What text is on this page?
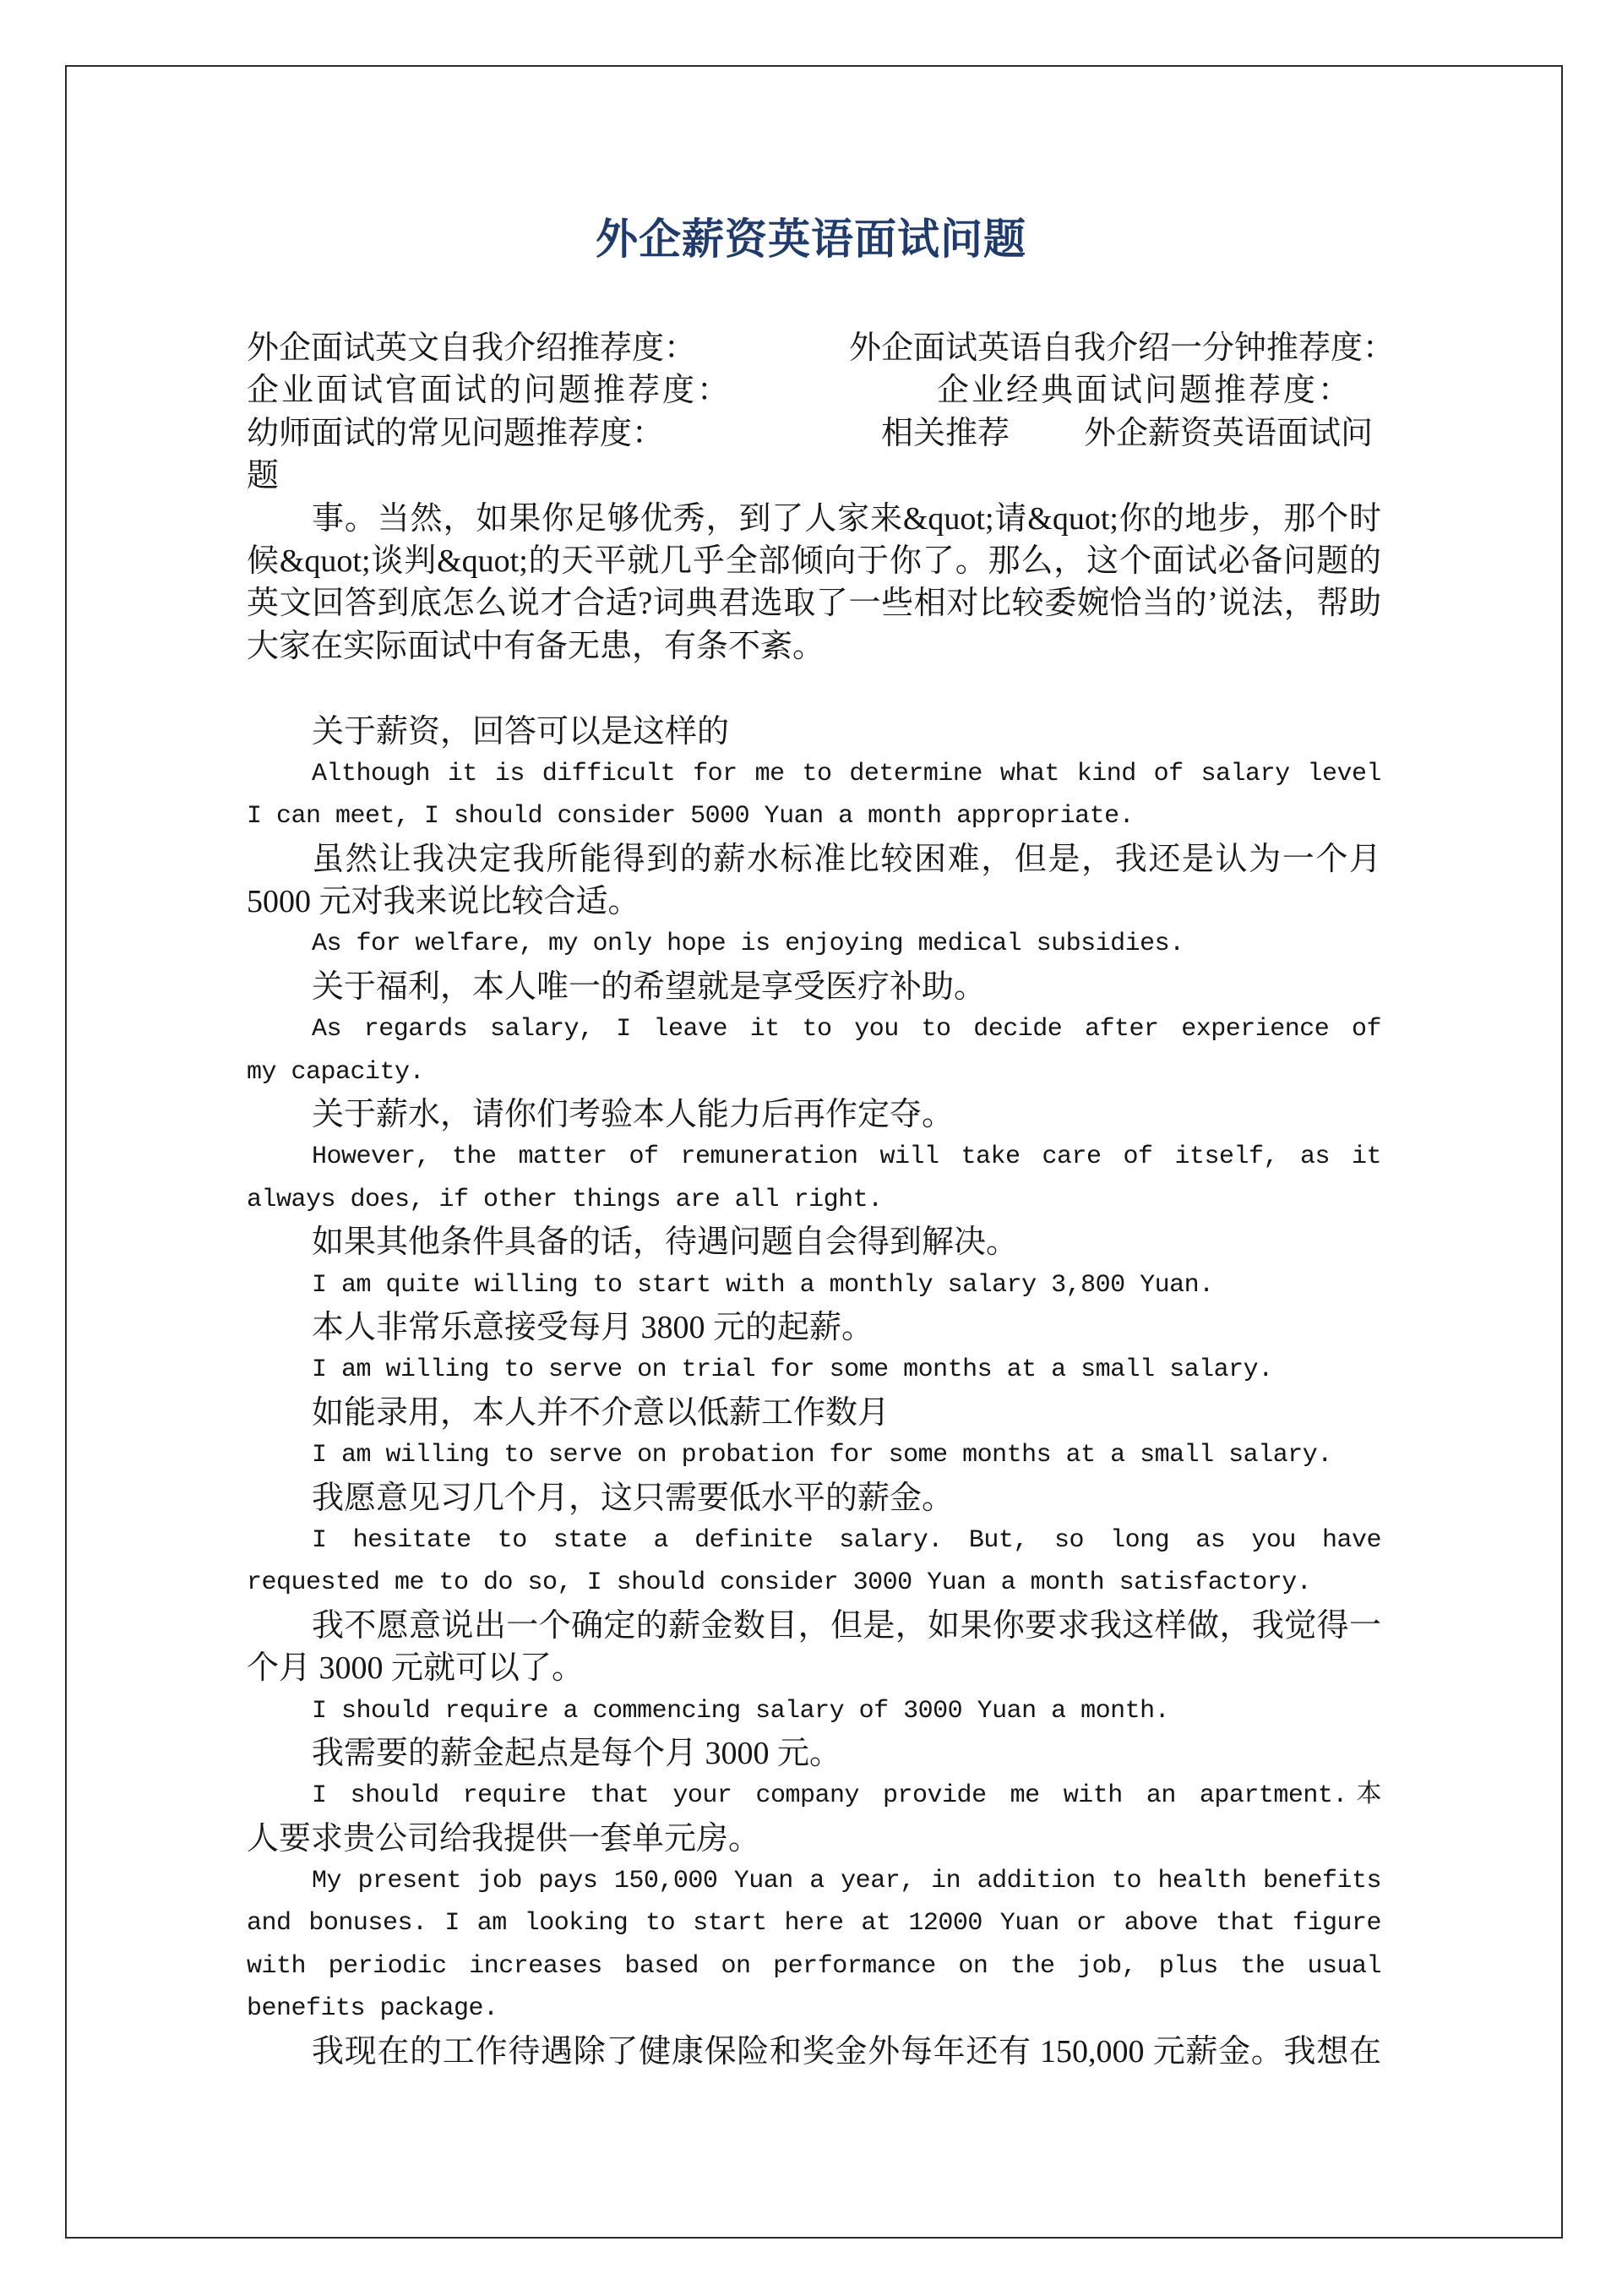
外企薪资英语面试问题
外企面试英文自我介绍推荐度：	外企面试英语自我介绍一分钟推荐度：
企业面试官面试的问题推荐度：	企业经典面试问题推荐度：
幼师面试的常见问题推荐度：	相关推荐 外企薪资英语面试问
题
事。当然，如果你足够优秀，到了人家来&quot;请&quot;你的地步，那个时
候&quot;谈判&quot;的天平就几乎全部倾向于你了。那么，这个面试必备问题的
英文回答到底怎么说才合适?词典君选取了一些相对比较委婉恰当的’说法，帮助
大家在实际面试中有备无患，有条不紊。
关于薪资，回答可以是这样的
Although it is difficult for me to determine what kind of salary level
I can meet, I should consider 5000 Yuan a month appropriate.
虽然让我决定我所能得到的薪水标准比较困难，但是，我还是认为一个月
5000 元对我来说比较合适。
As for welfare, my only hope is enjoying medical subsidies.
关于福利，本人唯一的希望就是享受医疗补助。
As regards salary, I leave it to you to decide after experience of
my capacity.
关于薪水，请你们考验本人能力后再作定夺。
However, the matter of remuneration will take care of itself, as it
always does, if other things are all right.
如果其他条件具备的话，待遇问题自会得到解决。
I am quite willing to start with a monthly salary 3,800 Yuan.
本人非常乐意接受每月 3800 元的起薪。
I am willing to serve on trial for some months at a small salary.
如能录用，本人并不介意以低薪工作数月
I am willing to serve on probation for some months at a small salary.
我愿意见习几个月，这只需要低水平的薪金。
I hesitate to state a definite salary. But, so long as you have
requested me to do so, I should consider 3000 Yuan a month satisfactory.
我不愿意说出一个确定的薪金数目，但是，如果你要求我这样做，我觉得一
个月 3000 元就可以了。
I should require a commencing salary of 3000 Yuan a month.
我需要的薪金起点是每个月 3000 元。
I should require that your company provide me with an apartment.本
人要求贵公司给我提供一套单元房。
My present job pays 150,000 Yuan a year, in addition to health benefits
and bonuses. I am looking to start here at 12000 Yuan or above that figure
with periodic increases based on performance on the job, plus the usual
benefits package.
我现在的工作待遇除了健康保险和奖金外每年还有 150,000 元薪金。我想在
